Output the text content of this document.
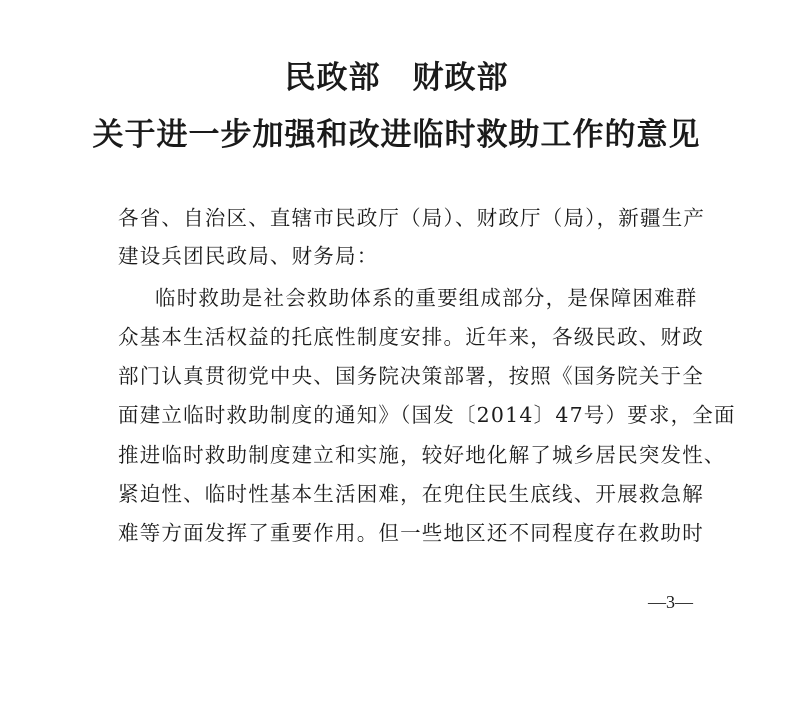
民政部　财政部
关于进一步加强和改进临时救助工作的意见
各省、自治区、直辖市民政厅（局）、财政厅（局），新疆生产
建设兵团民政局、财务局：
临时救助是社会救助体系的重要组成部分，是保障困难群
众基本生活权益的托底性制度安排。近年来，各级民政、财政
部门认真贯彻党中央、国务院决策部署，按照《国务院关于全
面建立临时救助制度的通知》（国发〔2014〕47号）要求，全面
推进临时救助制度建立和实施，较好地化解了城乡居民突发性、
紧迫性、临时性基本生活困难，在兜住民生底线、开展救急解
难等方面发挥了重要作用。但一些地区还不同程度存在救助时
—3—
